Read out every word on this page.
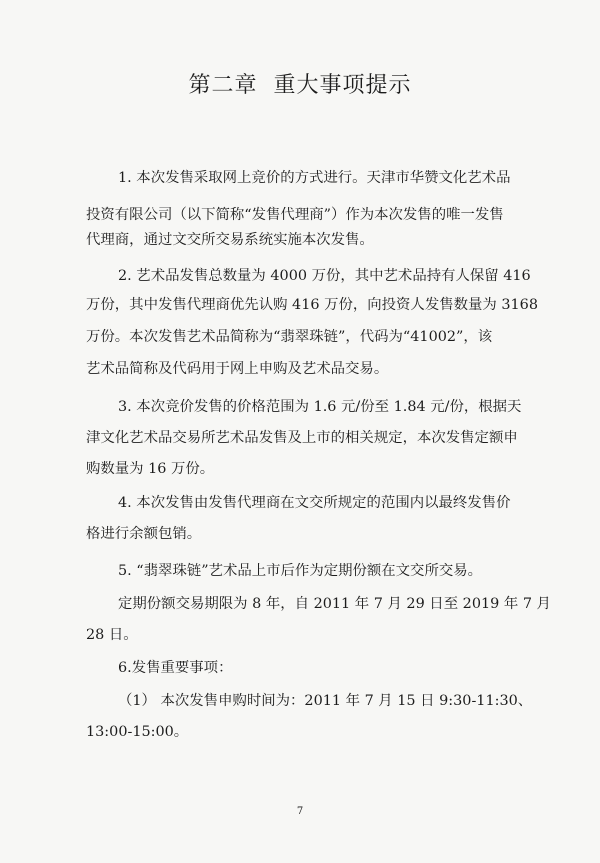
第二章  重大事项提示
1. 本次发售采取网上竞价的方式进行。天津市华赞文化艺术品
投资有限公司（以下简称“发售代理商”）作为本次发售的唯一发售
代理商，通过文交所交易系统实施本次发售。
2. 艺术品发售总数量为 4000 万份，其中艺术品持有人保留 416
万份，其中发售代理商优先认购 416 万份，向投资人发售数量为 3168
万份。本次发售艺术品简称为“翡翠珠链”，代码为“41002”，该
艺术品简称及代码用于网上申购及艺术品交易。
3. 本次竞价发售的价格范围为 1.6 元/份至 1.84 元/份，根据天
津文化艺术品交易所艺术品发售及上市的相关规定，本次发售定额申
购数量为 16 万份。
4. 本次发售由发售代理商在文交所规定的范围内以最终发售价
格进行余额包销。
5. “翡翠珠链”艺术品上市后作为定期份额在文交所交易。
定期份额交易期限为 8 年，自 2011 年 7 月 29 日至 2019 年 7 月
28 日。
6.发售重要事项：
（1） 本次发售申购时间为：2011 年 7 月 15 日 9:30-11:30、
13:00-15:00。
7
